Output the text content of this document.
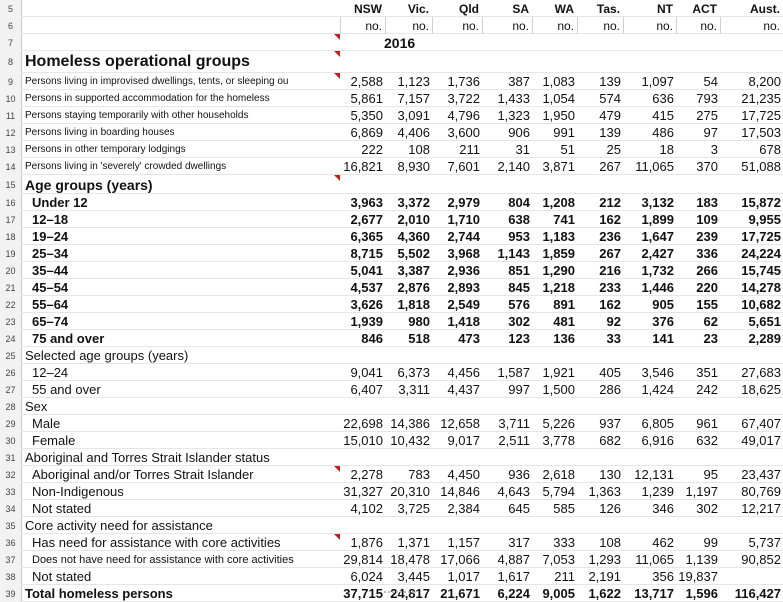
5	NSW	Vic.	Qld	SA	WA	Tas.	NT	ACT	Aust.
6	no.	no.	no.	no.	no.	no.	no.	no.	no.
7	2016
8 Homeless operational groups
9	Persons living in improvised dwellings, tents, or sleeping ou	2,588	1,123	1,736	387 1,083	139	1,097	54	8,200
10 Persons in supported accommodation for the homeless	5,861	7,157	3,722	1,433 1,054	574	636	793	21,235
11 Persons staying temporarily with other households	5,350	3,091	4,796	1,323 1,950	479	415	275	17,725
12 Persons living in boarding houses	6,869	4,406	3,600	906	991	139	486	97	17,503
13 Persons in other temporary lodgings	222	108	211	31	51	25	18	3	678
14 Persons living in 'severely' crowded dwellings	16,821	8,930	7,601	2,140 3,871	267	11,065	370	51,088
15 Age groups (years)
16	Under 12	3,963	3,372	2,979	804 1,208	212	3,132	183	15,872
17	12–18	2,677	2,010	1,710	638	741	162	1,899	109	9,955
18	19–24	6,365	4,360	2,744	953 1,183	236	1,647	239	17,725
19	25–34	8,715	5,502	3,968	1,143 1,859	267	2,427	336	24,224
20	35–44	5,041	3,387	2,936	851 1,290	216	1,732	266	15,745
21	45–54	4,537	2,876	2,893	845 1,218	233	1,446	220	14,278
22	55–64	3,626	1,818	2,549	576	891	162	905	155	10,682
23	65–74	1,939	980	1,418	302	481	92	376	62	5,651
24	75 and over	846	518	473	123	136	33	141	23	2,289
25 Selected age groups (years)
26	12–24	9,041	6,373	4,456	1,587 1,921	405	3,546	351	27,683
27	55 and over	6,407	3,311	4,437	997 1,500	286	1,424	242	18,625
28 Sex
29	Male	22,698 14,386 12,658	3,711 5,226	937	6,805	961	67,407
30	Female	15,010 10,432	9,017	2,511 3,778	682	6,916	632	49,017
31 Aboriginal and Torres Strait Islander status
32	Aboriginal and/or Torres Strait Islander	2,278	783	4,450	936 2,618	130	12,131	95	23,437
33	Non-Indigenous	31,327 20,310 14,846	4,643 5,794	1,363	1,239 1,197	80,769
34	Not stated	4,102	3,725	2,384	645	585	126	346	302	12,217
35 Core activity need for assistance
36	Has need for assistance with core activities	1,876	1,371	1,157	317	333	108	462	99	5,737
37	Does not have need for assistance with core activities	29,814 18,478 17,066	4,887 7,053	1,293	11,065 1,139	90,852
38	Not stated	6,024	3,445	1,017	1,617	211	2,191	356 19,837
39 Total homeless persons	37,715 24,817 21,671	6,224 9,005	1,622	13,717 1,596	116,427
